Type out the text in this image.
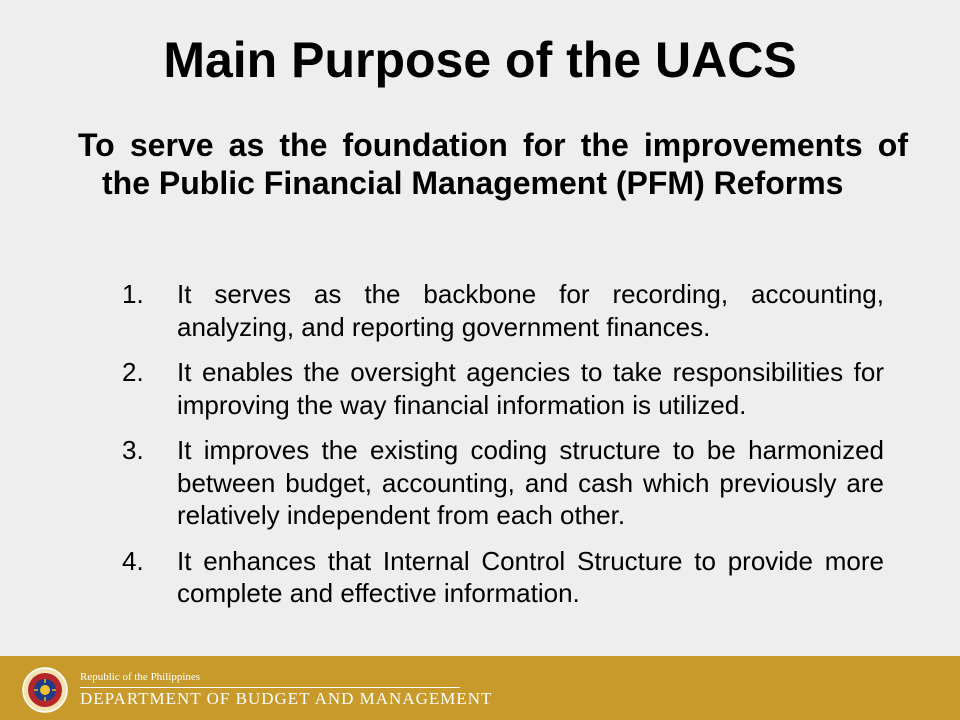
Main Purpose of the UACS

To serve as the foundation for the improvements of the Public Financial Management (PFM) Reforms

1. It serves as the backbone for recording, accounting, analyzing, and reporting government finances.
2. It enables the oversight agencies to take responsibilities for improving the way financial information is utilized.
3. It improves the existing coding structure to be harmonized between budget, accounting, and cash which previously are relatively independent from each other.
4. It enhances that Internal Control Structure to provide more complete and effective information.
Republic of the Philippines
DEPARTMENT OF BUDGET AND MANAGEMENT
